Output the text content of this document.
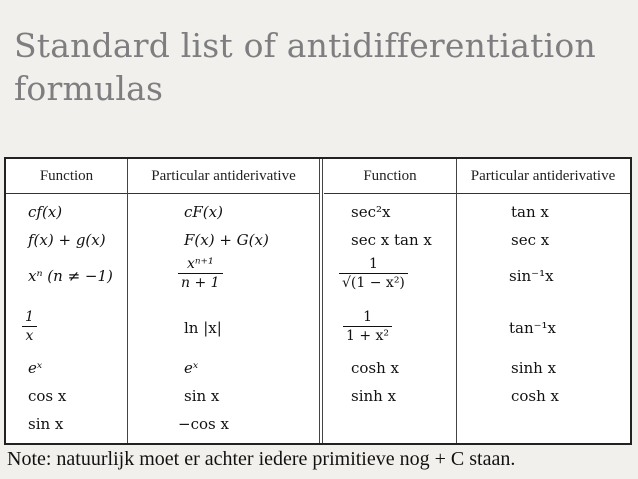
Standard list of antidifferentiation formulas
Function	Particular antiderivative	Function	Particular antiderivative
cf(x)	cF(x)	sec²x	tan x
f(x) + g(x)	F(x) + G(x)	sec x tan x	sec x
xⁿ (n ≠ −1)	$\frac{\text{xⁿ⁺¹}}{n + 1}$	$\frac{1}{\text{√(1 − x²)}}$	sin⁻¹x
$\frac{1}{x}$	ln |x|	$\frac{1}{\text{1 + x²}}$	tan⁻¹x
eˣ	eˣ	cosh x	sinh x
cos x	sin x	sinh x	cosh x
sin x	−cos x
Note: natuurlijk moet er achter iedere primitieve nog + C staan.
